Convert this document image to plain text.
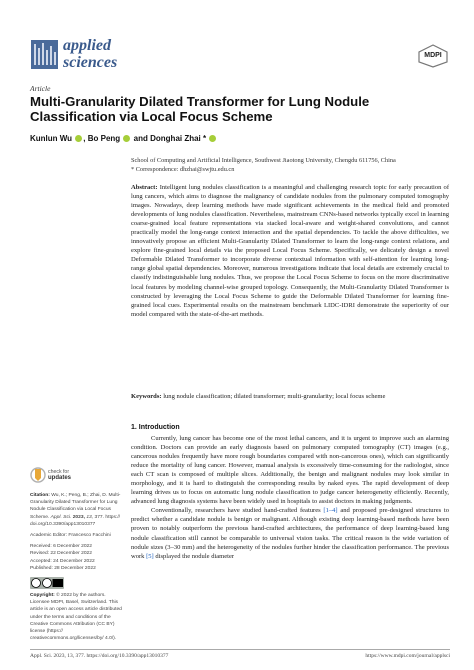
applied
sciences	MDPI
Article
Multi-Granularity Dilated Transformer for Lung Nodule Classification via Local Focus Scheme
Kunlun Wu , Bo Peng and Donghai Zhai *
School of Computing and Artificial Intelligence, Southwest Jiaotong University, Chengdu 611756, China
* Correspondence: dhzhai@swjtu.edu.cn
Abstract: Intelligent lung nodules classification is a meaningful and challenging research topic for early precaution of lung cancers, which aims to diagnose the malignancy of candidate nodules from the pulmonary computed tomography images. Nowadays, deep learning methods have made significant achievements in the medical field and promoted developments of lung nodules classification. Nevertheless, mainstream CNNs-based networks typically excel in learning coarse-grained local feature representations via stacked local-aware and weight-shared convolutions, and cannot practically model the long-range context interaction and the spatial dependencies. To tackle the above difficulties, we innovatively propose an efficient Multi-Granularity Dilated Transformer to learn the long-range context relations, and explore fine-grained local details via the proposed Local Focus Scheme. Specifically, we delicately design a novel Deformable Dilated Transformer to incorporate diverse contextual information with self-attention for learning long-range global spatial dependencies. Moreover, numerous investigations indicate that local details are extremely crucial to classify indistinguishable lung nodules. Thus, we propose the Local Focus Scheme to focus on the more discriminative local features by modeling channel-wise grouped topology. Consequently, the Multi-Granularity Dilated Transformer is constructed by leveraging the Local Focus Scheme to guide the Deformable Dilated Transformer for learning fine-grained local cues. Experimental results on the mainstream benchmark LIDC-IDRI demonstrate the superiority of our model compared with the state-of-the-art methods.
Keywords: lung nodule classification; dilated transformer; multi-granularity; local focus scheme
check for
updates
Citation: Wu, K.; Peng, B.; Zhai, D. Multi-Granularity Dilated Transformer for Lung Nodule Classification via Local Focus Scheme. Appl. Sci. 2023, 13, 377. https:// doi.org/10.3390/app13010377
Academic Editor: Francesco Facchini
Received: 6 December 2022
Revised: 22 December 2022
Accepted: 24 December 2022
Published: 28 December 2022
Copyright: © 2022 by the authors. Licensee MDPI, Basel, Switzerland. This article is an open access article distributed under the terms and conditions of the Creative Commons Attribution (CC BY) license (https:// creativecommons.org/licenses/by/ 4.0/).
1. Introduction

Currently, lung cancer has become one of the most lethal cancers, and it is urgent to improve such an alarming condition. Doctors can provide an early diagnosis based on pulmonary computed tomography (CT) images (e.g., cancerous nodules frequently have more rough boundaries compared with non-cancerous ones), which can significantly reduce the mortality of lung cancer. However, manual analysis is excessively time-consuming for the radiologist, since each CT scan is composed of multiple slices. Additionally, the benign and malignant nodules may look similar in morphology, and it is hard to distinguish the corresponding results by naked eyes. The rapid development of deep learning drives us to focus on automatic lung nodule classification to judge cancer heterogeneity efficiently. Recently, advanced lung diagnosis systems have been widely used in hospitals to assist doctors in making judgments.

Conventionally, researchers have studied hand-crafted features [1–4] and proposed pre-designed structures to predict whether a candidate nodule is benign or malignant. Although existing deep learning-based methods have been proven to notably outperform the previous hand-crafted architectures, the performance of deep learning-based lung nodule classification still cannot be comparable to universal vision tasks. The critical reason is the wide variation of nodule sizes (3–30 mm) and the heterogeneity of the nodules further hinder the classification performance. The previous work [5] displayed the nodule diameter

Appl. Sci. 2023, 13, 377. https://doi.org/10.3390/app13010377	https://www.mdpi.com/journal/applsci
